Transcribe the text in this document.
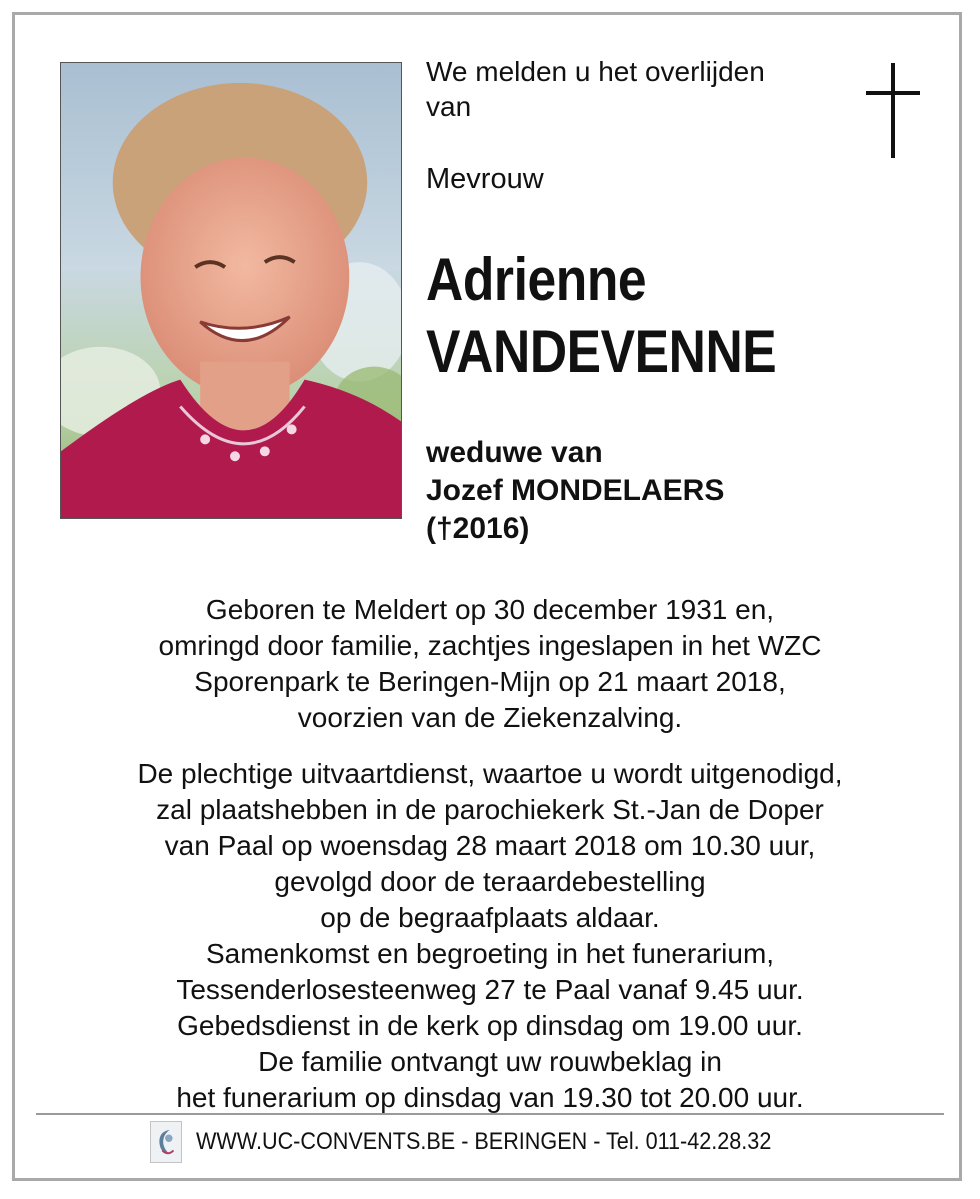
We melden u het overlijden
van
Mevrouw
Adrienne
VANDEVENNE
weduwe van
Jozef MONDELAERS
(†2016)
Geboren te Meldert op 30 december 1931 en,
omringd door familie, zachtjes ingeslapen in het WZC
Sporenpark te Beringen-Mijn op 21 maart 2018,
voorzien van de Ziekenzalving.
De plechtige uitvaartdienst, waartoe u wordt uitgenodigd,
zal plaatshebben in de parochiekerk St.-Jan de Doper
van Paal op woensdag 28 maart 2018 om 10.30 uur,
gevolgd door de teraardebestelling
op de begraafplaats aldaar.
Samenkomst en begroeting in het funerarium,
Tessenderlosesteenweg 27 te Paal vanaf 9.45 uur.
Gebedsdienst in de kerk op dinsdag om 19.00 uur.
De familie ontvangt uw rouwbeklag in
het funerarium op dinsdag van 19.30 tot 20.00 uur.
WWW.UC-CONVENTS.BE - BERINGEN - Tel. 011-42.28.32
